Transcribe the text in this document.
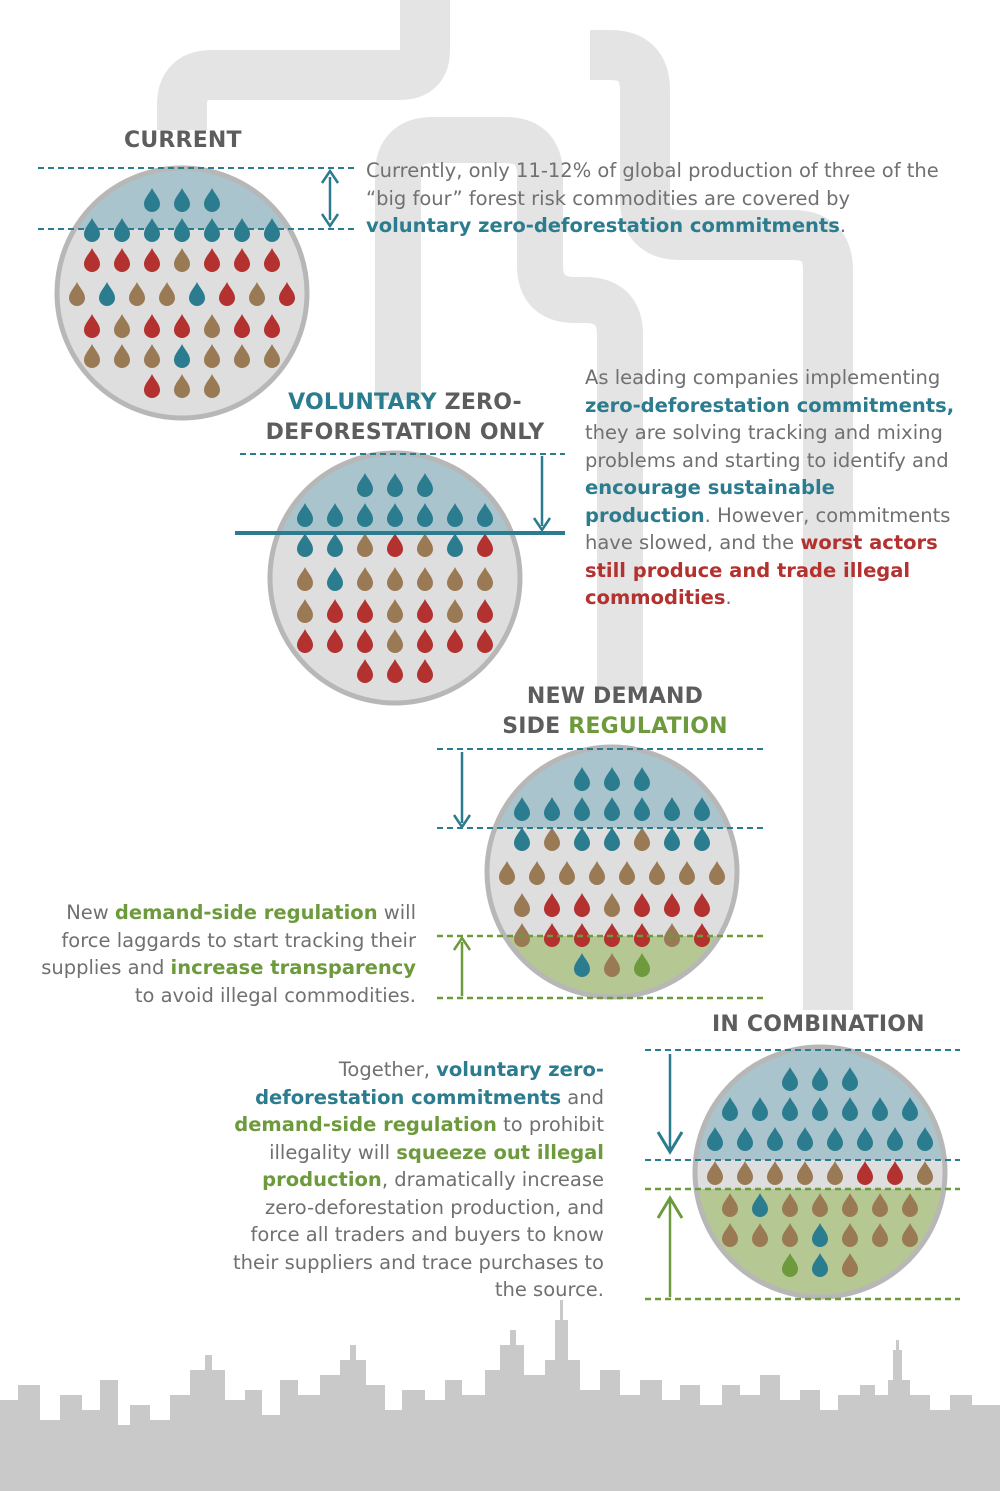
CURRENT
VOLUNTARY ZERO-
DEFORESTATION ONLY
NEW DEMAND
SIDE REGULATION
IN COMBINATION
Currently, only 11-12% of global production of three of the “big four” forest risk commodities are covered by voluntary zero-deforestation commitments.
As leading companies implementing zero-deforestation commitments, they are solving tracking and mixing problems and starting to identify and encourage sustainable production. However, commitments have slowed, and the worst actors still produce and trade illegal commodities.
New demand-side regulation will force laggards to start tracking their supplies and increase transparency to avoid illegal commodities.
Together, voluntary zero-deforestation commitments and demand-side regulation to prohibit illegality will squeeze out illegal production, dramatically increase zero-deforestation production, and force all traders and buyers to know their suppliers and trace purchases to the source.
